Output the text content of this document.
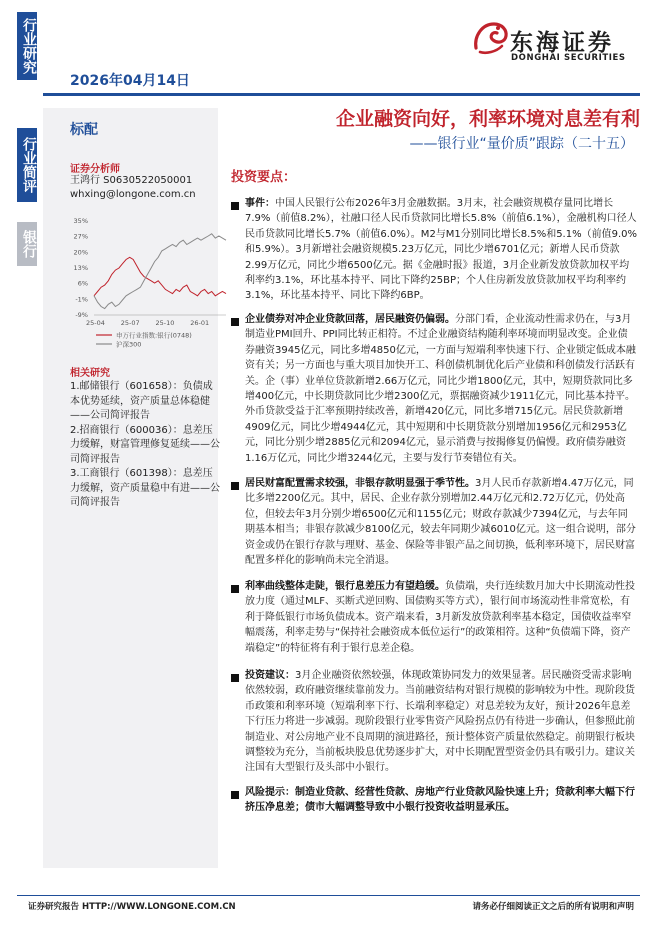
行业研究
行业简评
银行
东海证券
DONGHAI SECURITIES
2026年04月14日
标配
证券分析师
王鸿行 S0630522050001
whxing@longone.com.cn
35%
27%
20%
13%
6%
-1%
-9%
25-04 25-07 25-10 26-01
申万行业指数:银行(0748)
沪深300
相关研究
1.邮储银行（601658）：负债成本优势延续，资产质量总体稳健——公司简评报告
2.招商银行（600036）：息差压力缓解，财富管理修复延续——公司简评报告
3.工商银行（601398）：息差压力缓解，资产质量稳中有进——公司简评报告
企业融资向好，利率环境对息差有利
——银行业“量价质”跟踪（二十五）
投资要点：

事件：中国人民银行公布2026年3月金融数据。3月末，社会融资规模存量同比增长7.9%（前值8.2%），社融口径人民币贷款同比增长5.8%（前值6.1%），金融机构口径人民币贷款同比增长5.7%（前值6.0%）。M2与M1分别同比增长8.5%和5.1%（前值9.0%和5.9%）。3月新增社会融资规模5.23万亿元，同比少增6701亿元；新增人民币贷款2.99万亿元，同比少增6500亿元。据《金融时报》报道，3月企业新发放贷款加权平均利率约3.1%，环比基本持平、同比下降约25BP；个人住房新发放贷款加权平均利率约3.1%，环比基本持平、同比下降约6BP。

企业债券对冲企业贷款回落，居民融资仍偏弱。分部门看，企业流动性需求仍在，与3月制造业PMI回升、PPI同比转正相符。不过企业融资结构随利率环境而明显改变。企业债券融资3945亿元，同比多增4850亿元，一方面与短端利率快速下行、企业锁定低成本融资有关；另一方面也与重大项目加快开工、科创债机制优化后产业债和科创债发行活跃有关。企（事）业单位贷款新增2.66万亿元，同比少增1800亿元，其中，短期贷款同比多增400亿元，中长期贷款同比少增2300亿元，票据融资减少1911亿元，同比基本持平。外币贷款受益于汇率预期持续改善，新增420亿元，同比多增715亿元。居民贷款新增4909亿元，同比少增4944亿元，其中短期和中长期贷款分别增加1956亿元和2953亿元，同比分别少增2885亿元和2094亿元，显示消费与按揭修复仍偏慢。政府债券融资1.16万亿元，同比少增3244亿元，主要与发行节奏错位有关。

居民财富配置需求较强，非银存款明显强于季节性。3月人民币存款新增4.47万亿元，同比多增2200亿元。其中，居民、企业存款分别增加2.44万亿元和2.72万亿元，仍处高位，但较去年3月分别少增6500亿元和1155亿元；财政存款减少7394亿元，与去年同期基本相当；非银存款减少8100亿元，较去年同期少减6010亿元。这一组合说明，部分资金或仍在银行存款与理财、基金、保险等非银产品之间切换，低利率环境下，居民财富配置多样化的影响尚未完全消退。

利率曲线整体走陡，银行息差压力有望趋缓。负债端，央行连续数月加大中长期流动性投放力度（通过MLF、买断式逆回购、国债购买等方式），银行间市场流动性非常宽松，有利于降低银行市场负债成本。资产端来看，3月新发放贷款利率基本稳定，国债收益率窄幅震荡，利率走势与“保持社会融资成本低位运行”的政策相符。这种“负债端下降，资产端稳定”的特征将有利于银行息差企稳。

投资建议：3月企业融资依然较强，体现政策协同发力的效果显著。居民融资受需求影响依然较弱，政府融资继续靠前发力。当前融资结构对银行规模的影响较为中性。现阶段货币政策和利率环境（短端利率下行、长端利率稳定）对息差较为友好，预计2026年息差下行压力将进一步减弱。现阶段银行业零售资产风险拐点仍有待进一步确认，但参照此前制造业、对公房地产业不良周期的演进路径，预计整体资产质量依然稳定。前期银行板块调整较为充分，当前板块股息优势逐步扩大，对中长期配置型资金仍具有吸引力。建议关注国有大型银行及头部中小银行。

风险提示：制造业贷款、经营性贷款、房地产行业贷款风险快速上升；贷款利率大幅下行挤压净息差；债市大幅调整导致中小银行投资收益明显承压。

证券研究报告 HTTP://WWW.LONGONE.COM.CN	请务必仔细阅读正文之后的所有说明和声明
